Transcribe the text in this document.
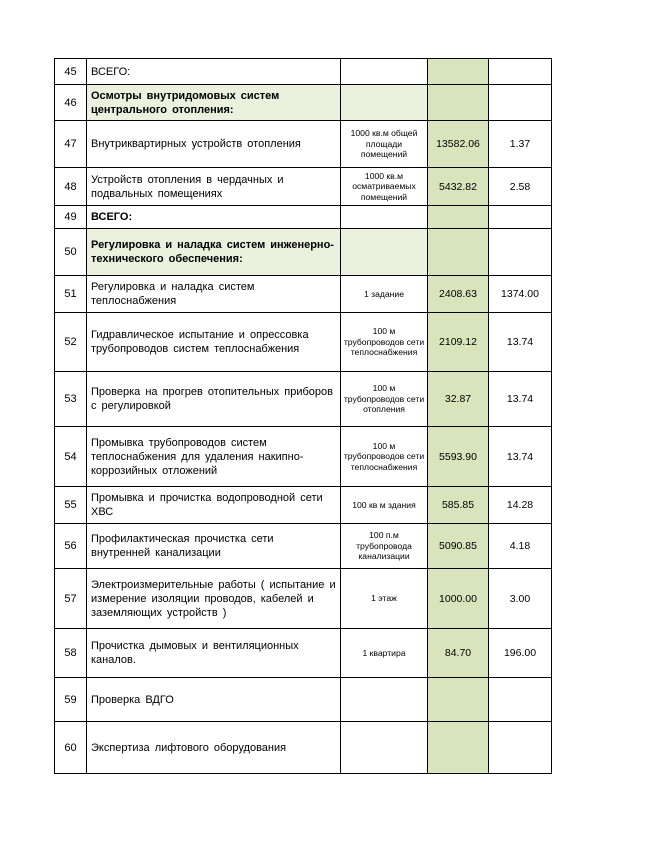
45	ВСЕГО:			
46	Осмотры внутридомовых систем центрального отопления:			
47	Внутриквартирных устройств отопления	1000 кв.м общей площади помещений	13582.06	1.37
48	Устройств отопления в чердачных и подвальных помещениях	1000 кв.м осматриваемых помещений	5432.82	2.58
49	ВСЕГО:			
50	Регулировка и наладка систем инженерно-технического обеспечения:			
51	Регулировка и наладка систем теплоснабжения	1 задание	2408.63	1374.00
52	Гидравлическое испытание и опрессовка трубопроводов систем теплоснабжения	100 м трубопроводов сети теплоснабжения	2109.12	13.74
53	Проверка на прогрев отопительных приборов с регулировкой	100 м трубопроводов сети отопления	32.87	13.74
54	Промывка трубопроводов систем теплоснабжения для удаления накипно-коррозийных отложений	100 м трубопроводов сети теплоснабжения	5593.90	13.74
55	Промывка и прочистка водопроводной сети ХВС	100 кв м здания	585.85	14.28
56	Профилактическая прочистка сети внутренней канализации	100 п.м трубопровода канализации	5090.85	4.18
57	Электроизмерительные работы ( испытание и измерение изоляции проводов, кабелей и заземляющих устройств )	1 этаж	1000.00	3.00
58	Прочистка дымовых и вентиляционных каналов.	1 квартира	84.70	196.00
59	Проверка ВДГО			
60	Экспертиза лифтового оборудования			
